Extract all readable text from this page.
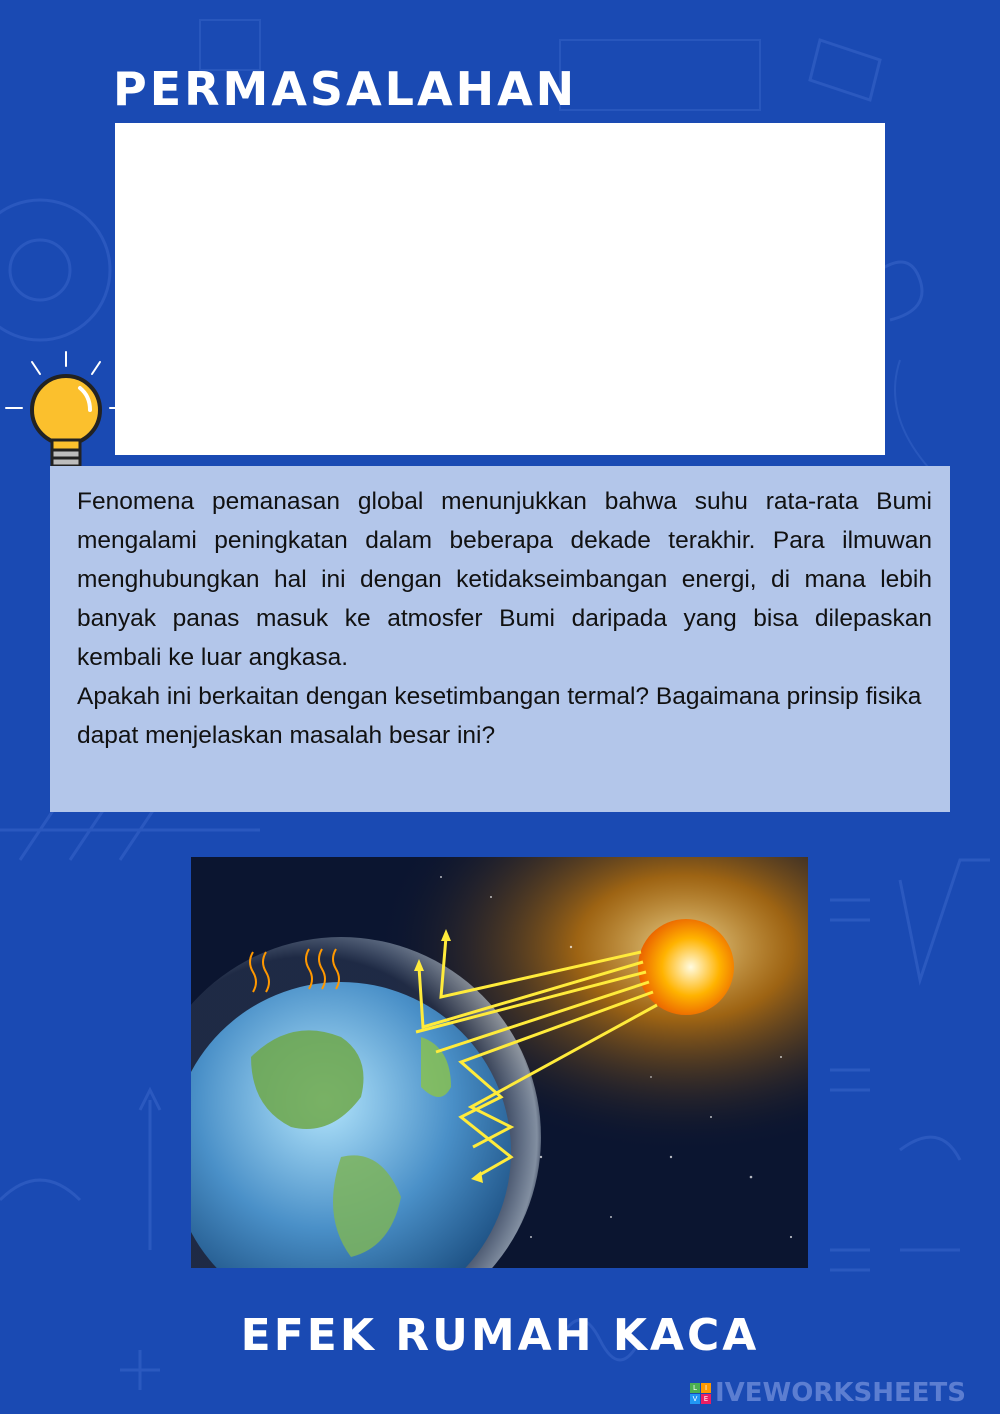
PERMASALAHAN

Fenomena pemanasan global menunjukkan bahwa suhu rata-rata Bumi mengalami peningkatan dalam beberapa dekade terakhir. Para ilmuwan menghubungkan hal ini dengan ketidakseimbangan energi, di mana lebih banyak panas masuk ke atmosfer Bumi daripada yang bisa dilepaskan kembali ke luar angkasa.

Apakah ini berkaitan dengan kesetimbangan termal? Bagaimana prinsip fisika dapat menjelaskan masalah besar ini?

EFEK RUMAH KACA
L	I
V E IVEWORKSHEETS
